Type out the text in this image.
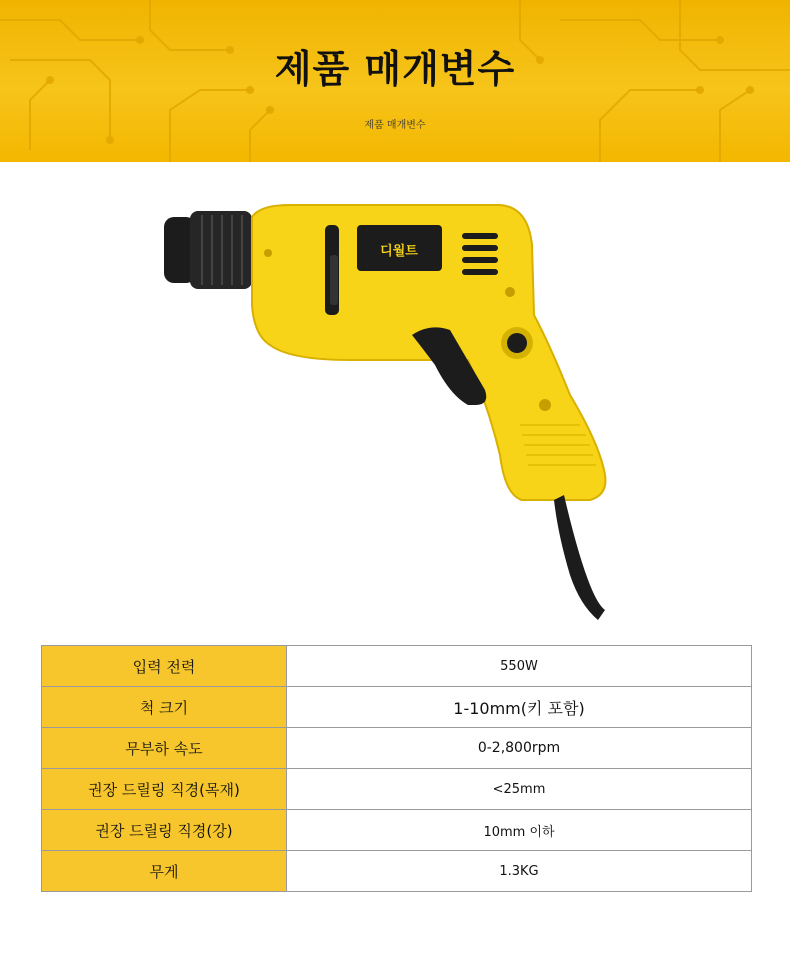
제품 매개변수
제품 매개변수
디월트
입력 전력	550W
척 크기	1-10mm(키 포함)
무부하 속도	0-2,800rpm
권장 드릴링 직경(목재)	<25mm
권장 드릴링 직경(강)	10mm 이하
무게	1.3KG
